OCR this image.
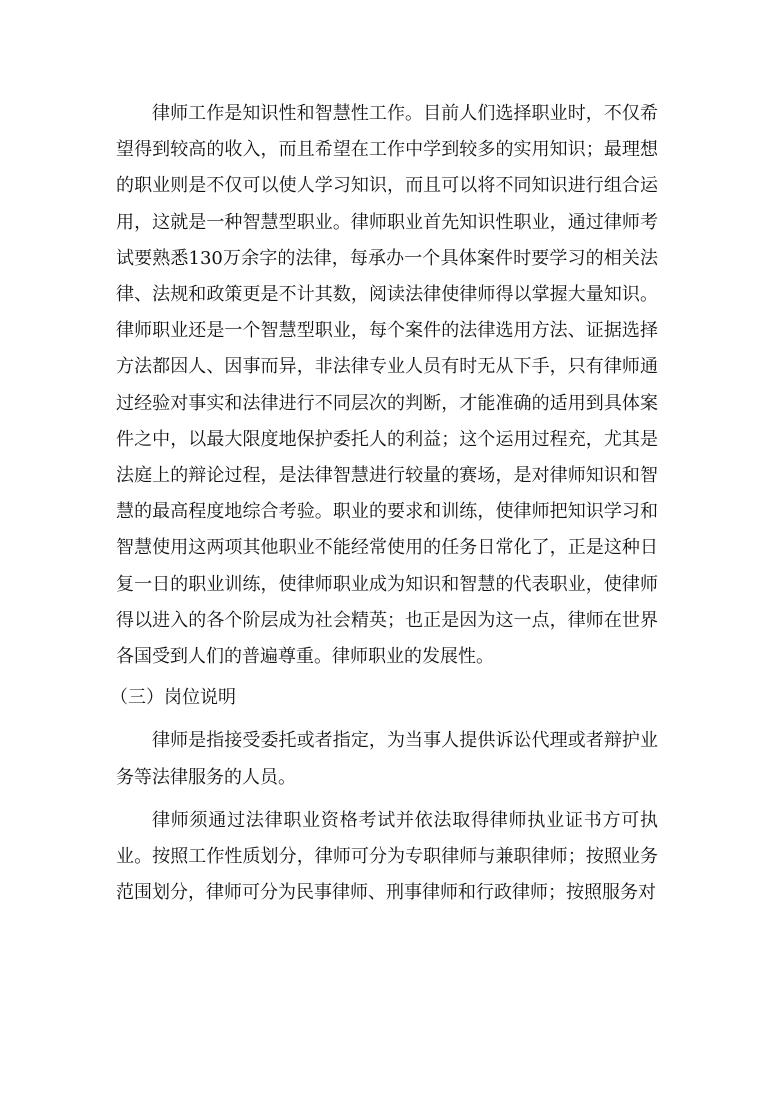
律师工作是知识性和智慧性工作。目前人们选择职业时，不仅希望得到较高的收入，而且希望在工作中学到较多的实用知识；最理想的职业则是不仅可以使人学习知识，而且可以将不同知识进行组合运用，这就是一种智慧型职业。律师职业首先知识性职业，通过律师考试要熟悉130万余字的法律，每承办一个具体案件时要学习的相关法律、法规和政策更是不计其数，阅读法律使律师得以掌握大量知识。律师职业还是一个智慧型职业，每个案件的法律选用方法、证据选择方法都因人、因事而异，非法律专业人员有时无从下手，只有律师通过经验对事实和法律进行不同层次的判断，才能准确的适用到具体案件之中，以最大限度地保护委托人的利益；这个运用过程充，尤其是法庭上的辩论过程，是法律智慧进行较量的赛场，是对律师知识和智慧的最高程度地综合考验。职业的要求和训练，使律师把知识学习和智慧使用这两项其他职业不能经常使用的任务日常化了，正是这种日复一日的职业训练，使律师职业成为知识和智慧的代表职业，使律师得以进入的各个阶层成为社会精英；也正是因为这一点，律师在世界各国受到人们的普遍尊重。律师职业的发展性。

（三）岗位说明

律师是指接受委托或者指定，为当事人提供诉讼代理或者辩护业务等法律服务的人员。

律师须通过法律职业资格考试并依法取得律师执业证书方可执业。按照工作性质划分，律师可分为专职律师与兼职律师；按照业务范围划分，律师可分为民事律师、刑事律师和行政律师；按照服务对
